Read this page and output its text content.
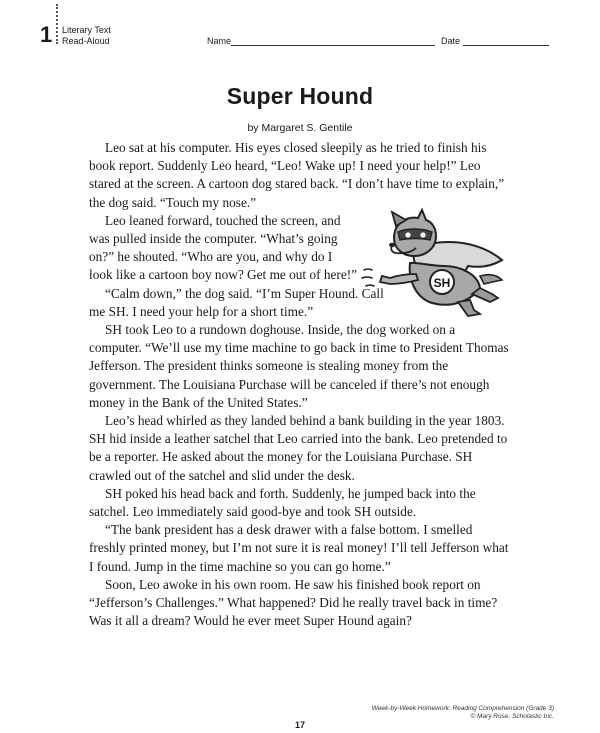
1 Literary Text
Read-Aloud	Name	Date
Super Hound
by Margaret S. Gentile

Leo sat at his computer. His eyes closed sleepily as he tried to finish his book report. Suddenly Leo heard, “Leo! Wake up! I need your help!” Leo stared at the screen. A cartoon dog stared back. “I don’t have time to explain,” the dog said. “Touch my nose.”

Leo leaned forward, touched the screen, and was pulled inside the computer. “What’s going on?” he shouted. “Who are you, and why do I look like a cartoon boy now? Get me out of here!”

“Calm down,” the dog said. “I’m Super Hound. Call me SH. I need your help for a short time.”

SH took Leo to a rundown doghouse. Inside, the dog worked on a computer. “We’ll use my time machine to go back in time to President Thomas Jefferson. The president thinks someone is stealing money from the government. The Louisiana Purchase will be canceled if there’s not enough money in the Bank of the United States.”

Leo’s head whirled as they landed behind a bank building in the year 1803. SH hid inside a leather satchel that Leo carried into the bank. Leo pretended to be a reporter. He asked about the money for the Louisiana Purchase. SH crawled out of the satchel and slid under the desk.

SH poked his head back and forth. Suddenly, he jumped back into the satchel. Leo immediately said good-bye and took SH outside.

“The bank president has a desk drawer with a false bottom. I smelled freshly printed money, but I’m not sure it is real money! I’ll tell Jefferson what I found. Jump in the time machine so you can go home.”

Soon, Leo awoke in his own room. He saw his finished book report on “Jefferson’s Challenges.” What happened? Did he really travel back in time? Was it all a dream? Would he ever meet Super Hound again?

SH
Week-by-Week Homework: Reading Comprehension (Grade 3)
© Mary Rose, Scholastic Inc.
17
